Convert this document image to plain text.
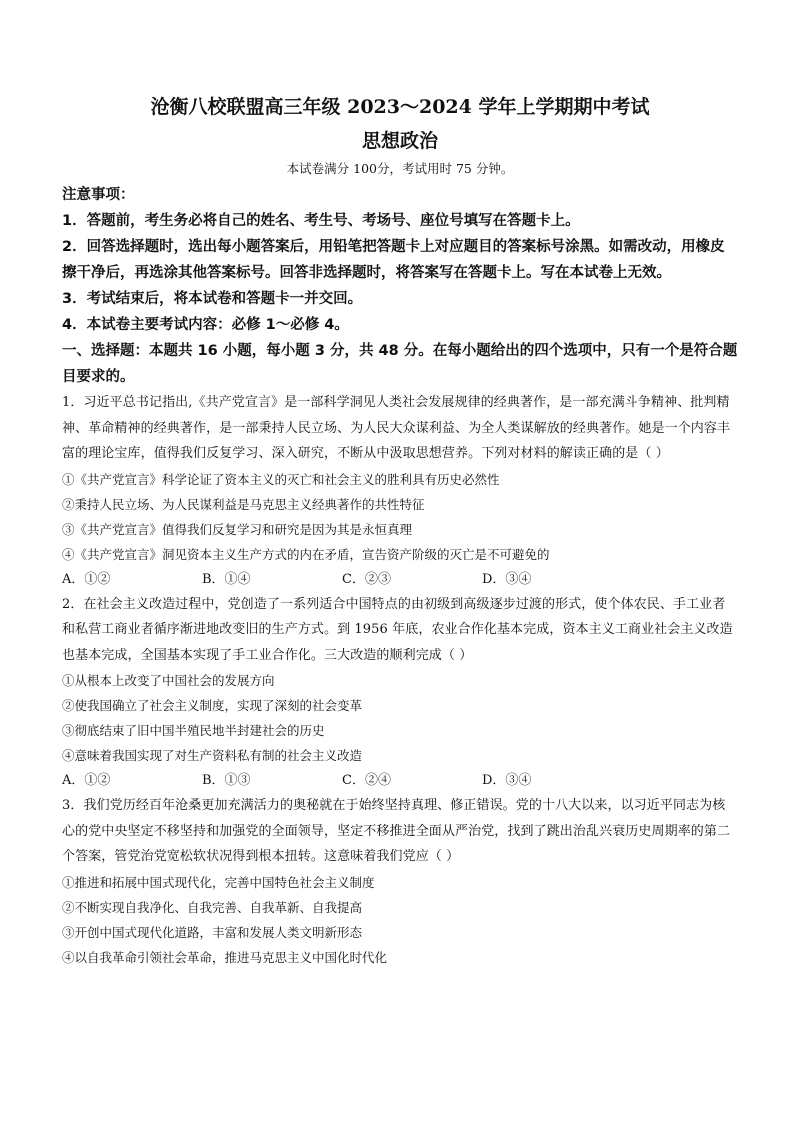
沧衡八校联盟高三年级 2023～2024 学年上学期期中考试
思想政治
本试卷满分 100分，考试用时 75 分钟。

注意事项：

1．答题前，考生务必将自己的姓名、考生号、考场号、座位号填写在答题卡上。

2．回答选择题时，选出每小题答案后，用铅笔把答题卡上对应题目的答案标号涂黑。如需改动，用橡皮擦干净后，再选涂其他答案标号。回答非选择题时，将答案写在答题卡上。写在本试卷上无效。

3．考试结束后，将本试卷和答题卡一并交回。

4．本试卷主要考试内容：必修 1～必修 4。

一、选择题：本题共 16 小题，每小题 3 分，共 48 分。在每小题给出的四个选项中，只有一个是符合题目要求的。

1．习近平总书记指出,《共产党宣言》是一部科学洞见人类社会发展规律的经典著作，是一部充满斗争精神、批判精神、革命精神的经典著作，是一部秉持人民立场、为人民大众谋利益、为全人类谋解放的经典著作。她是一个内容丰富的理论宝库，值得我们反复学习、深入研究，不断从中汲取思想营养。下列对材料的解读正确的是（ ）

①《共产党宣言》科学论证了资本主义的灭亡和社会主义的胜利具有历史必然性

②秉持人民立场、为人民谋利益是马克思主义经典著作的共性特征

③《共产党宣言》值得我们反复学习和研究是因为其是永恒真理

④《共产党宣言》洞见资本主义生产方式的内在矛盾，宣告资产阶级的灭亡是不可避免的

A．①②	B．①④	C．②③	D．③④

2．在社会主义改造过程中，党创造了一系列适合中国特点的由初级到高级逐步过渡的形式，使个体农民、手工业者和私营工商业者循序渐进地改变旧的生产方式。到 1956 年底，农业合作化基本完成，资本主义工商业社会主义改造也基本完成，全国基本实现了手工业合作化。三大改造的顺利完成（ ）

①从根本上改变了中国社会的发展方向

②使我国确立了社会主义制度，实现了深刻的社会变革

③彻底结束了旧中国半殖民地半封建社会的历史

④意味着我国实现了对生产资料私有制的社会主义改造

A．①②	B．①③	C．②④	D．③④

3．我们党历经百年沧桑更加充满活力的奥秘就在于始终坚持真理、修正错误。党的十八大以来，以习近平同志为核心的党中央坚定不移坚持和加强党的全面领导，坚定不移推进全面从严治党，找到了跳出治乱兴衰历史周期率的第二个答案，管党治党宽松软状况得到根本扭转。这意味着我们党应（ ）

①推进和拓展中国式现代化，完善中国特色社会主义制度

②不断实现自我净化、自我完善、自我革新、自我提高

③开创中国式现代化道路，丰富和发展人类文明新形态

④以自我革命引领社会革命，推进马克思主义中国化时代化
